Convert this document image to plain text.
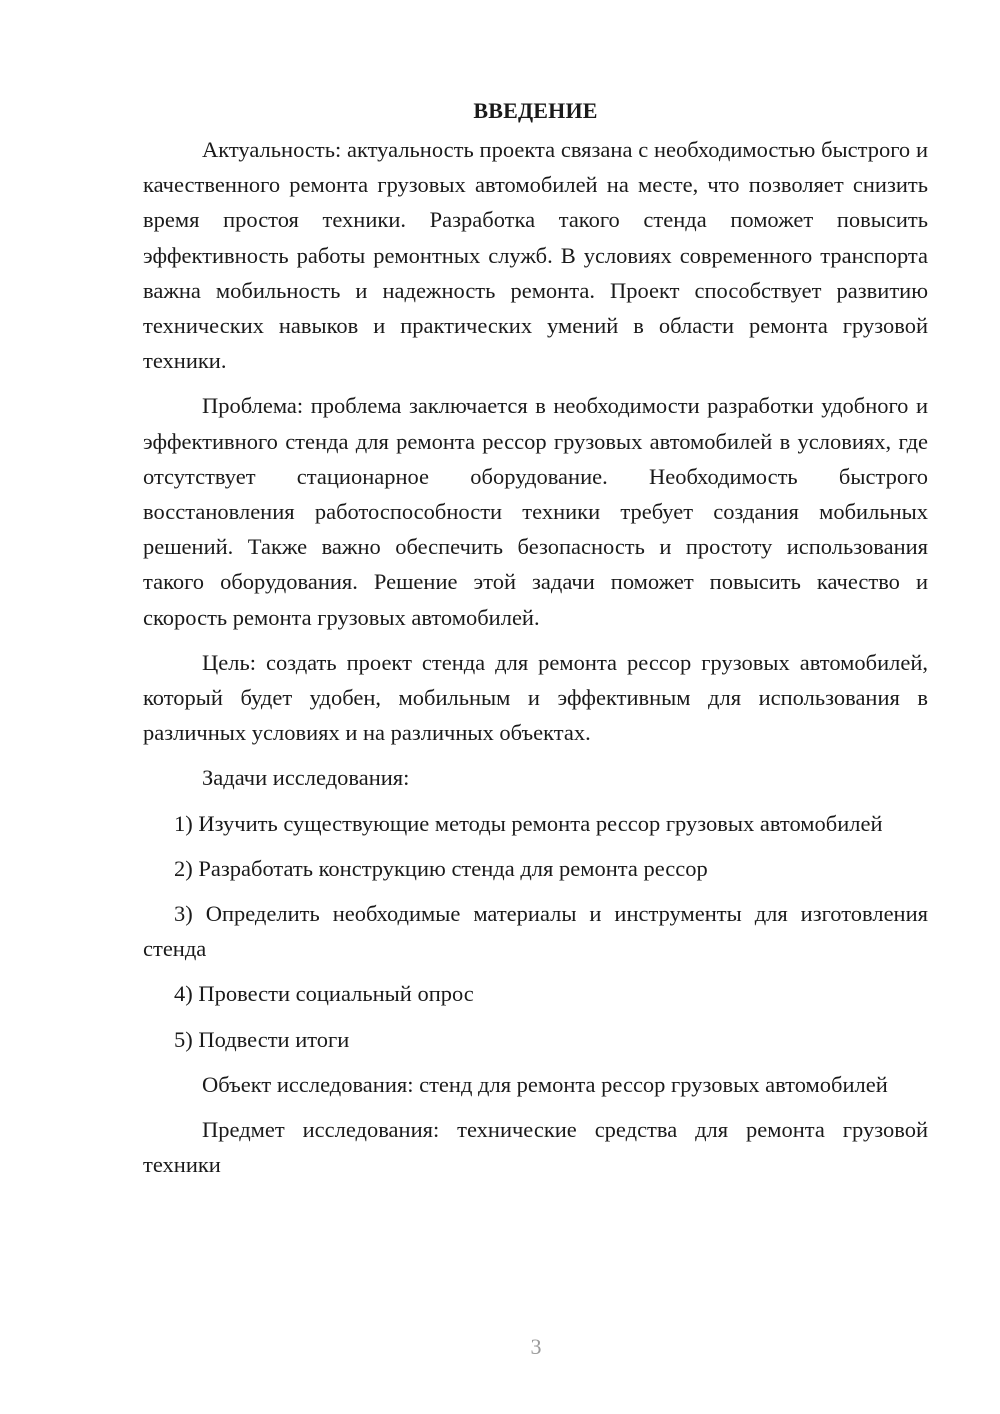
ВВЕДЕНИЕ

Актуальность: актуальность проекта связана с необходимостью быстрого и качественного ремонта грузовых автомобилей на месте, что позволяет снизить время простоя техники. Разработка такого стенда поможет повысить эффективность работы ремонтных служб. В условиях современного транспорта важна мобильность и надежность ремонта. Проект способствует развитию технических навыков и практических умений в области ремонта грузовой техники.

Проблема: проблема заключается в необходимости разработки удобного и эффективного стенда для ремонта рессор грузовых автомобилей в условиях, где отсутствует стационарное оборудование. Необходимость быстрого восстановления работоспособности техники требует создания мобильных решений. Также важно обеспечить безопасность и простоту использования такого оборудования. Решение этой задачи поможет повысить качество и скорость ремонта грузовых автомобилей.

Цель: создать проект стенда для ремонта рессор грузовых автомобилей, который будет удобен, мобильным и эффективным для использования в различных условиях и на различных объектах.

Задачи исследования:

1) Изучить существующие методы ремонта рессор грузовых автомобилей

2) Разработать конструкцию стенда для ремонта рессор

3) Определить необходимые материалы и инструменты для изготовления стенда

4) Провести социальный опрос

5) Подвести итоги

Объект исследования: стенд для ремонта рессор грузовых автомобилей

Предмет исследования: технические средства для ремонта грузовой техники

3
